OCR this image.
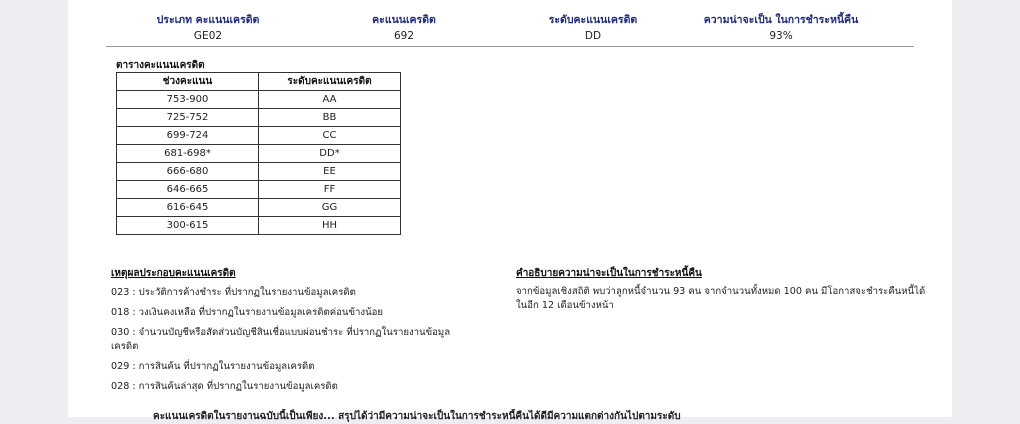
ประเภท คะแนนเครดิต	คะแนนเครดิต	ระดับคะแนนเครดิต	ความน่าจะเป็น ในการชำระหนี้คืน
GE02	692	DD	93%
ตารางคะแนนเครดิต
ช่วงคะแนน	ระดับคะแนนเครดิต
753-900	AA
725-752	BB
699-724	CC
681-698*	DD*
666-680	EE
646-665	FF
616-645	GG
300-615	HH
เหตุผลประกอบคะแนนเครดิต
023 : ประวัติการค้างชำระ ที่ปรากฏในรายงานข้อมูลเครดิต
018 : วงเงินคงเหลือ ที่ปรากฏในรายงานข้อมูลเครดิตค่อนข้างน้อย
030 : จำนวนบัญชีหรือสัดส่วนบัญชีสินเชื่อแบบผ่อนชำระ ที่ปรากฏในรายงานข้อมูลเครดิต
029 : การสินค้น ที่ปรากฏในรายงานข้อมูลเครดิต
028 : การสินค้นล่าสุด ที่ปรากฏในรายงานข้อมูลเครดิต
คำอธิบายความน่าจะเป็นในการชำระหนี้คืน
จากข้อมูลเชิงสถิติ พบว่าลูกหนี้จำนวน 93 คน จากจำนวนทั้งหมด 100 คน มีโอกาสจะชำระคืนหนี้ได้ในอีก 12 เดือนข้างหน้า
คะแนนเครดิตในรายงานฉบับนี้เป็นเพียง... สรุปได้ว่ามีความน่าจะเป็นในการชำระหนี้คืนได้ดีมีความแตกต่างกันไปตามระดับ
